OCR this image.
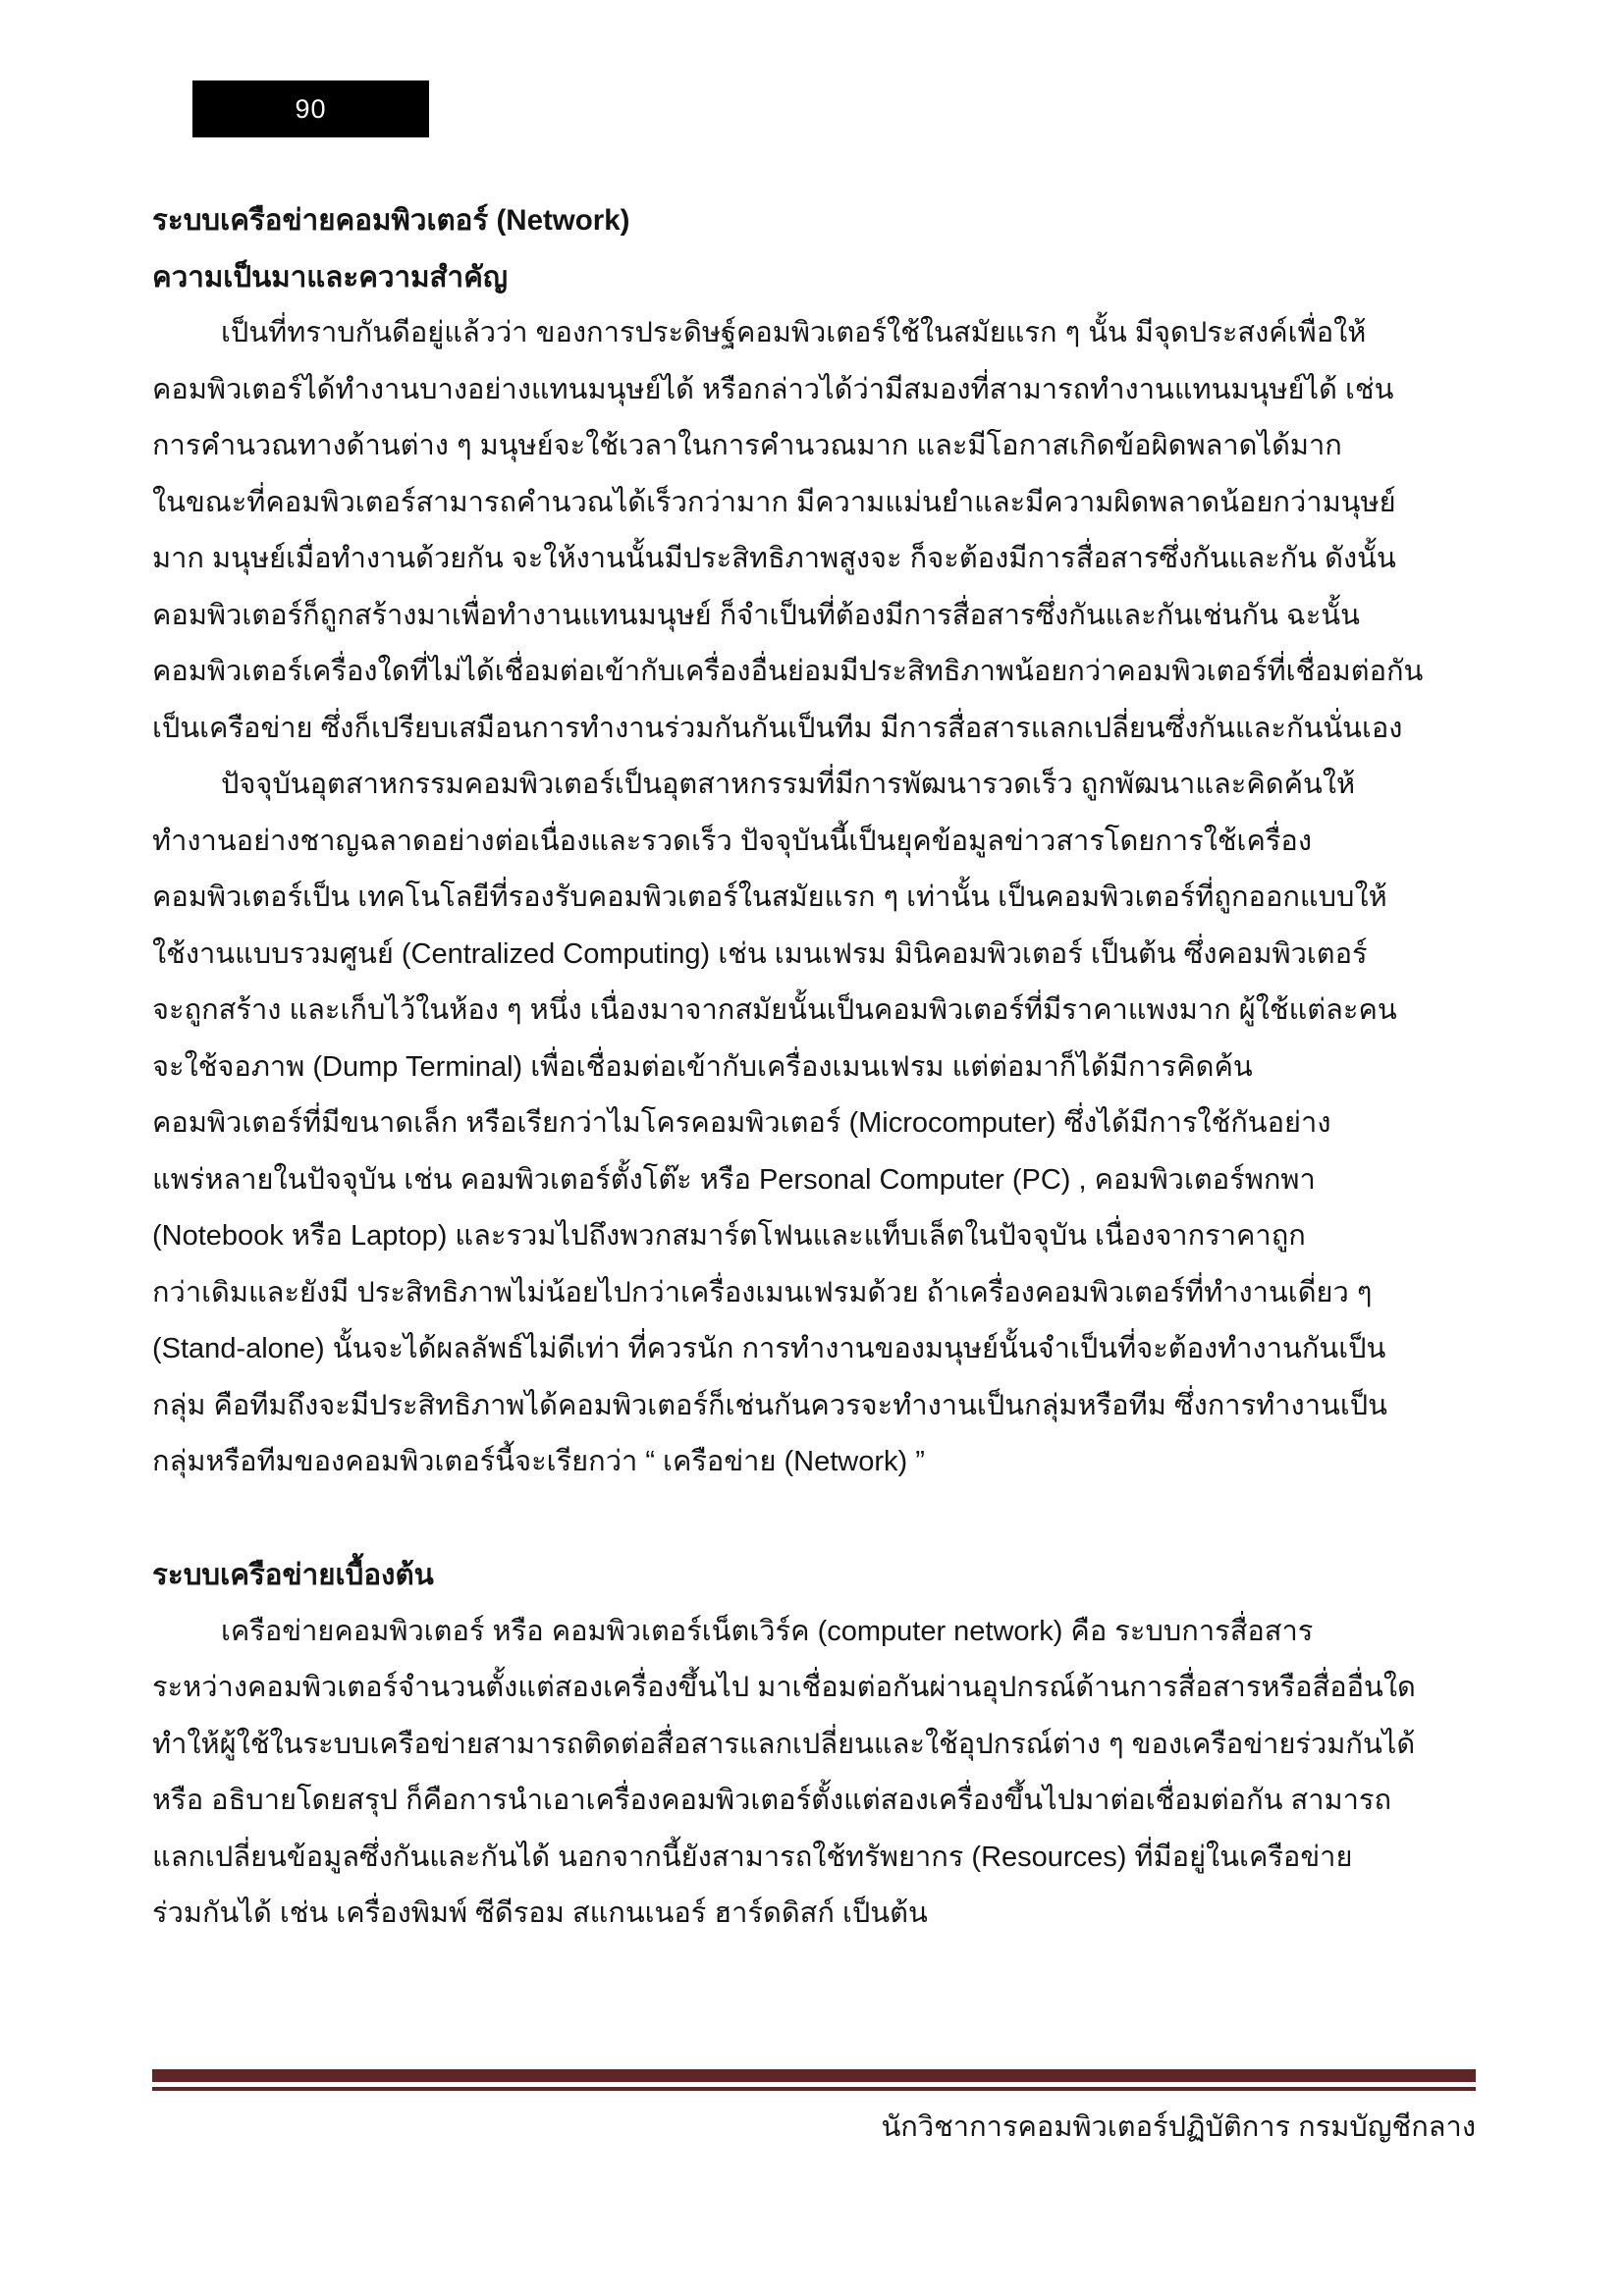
90
ระบบเครือข่ายคอมพิวเตอร์ (Network)
ความเป็นมาและความสำคัญ
เป็นที่ทราบกันดีอยู่แล้วว่า ของการประดิษฐ์คอมพิวเตอร์ใช้ในสมัยแรก ๆ นั้น มีจุดประสงค์เพื่อให้
คอมพิวเตอร์ได้ทำงานบางอย่างแทนมนุษย์ได้ หรือกล่าวได้ว่ามีสมองที่สามารถทำงานแทนมนุษย์ได้ เช่น
การคำนวณทางด้านต่าง ๆ มนุษย์จะใช้เวลาในการคำนวณมาก และมีโอกาสเกิดข้อผิดพลาดได้มาก
ในขณะที่คอมพิวเตอร์สามารถคำนวณได้เร็วกว่ามาก มีความแม่นยำและมีความผิดพลาดน้อยกว่ามนุษย์
มาก มนุษย์เมื่อทำงานด้วยกัน จะให้งานนั้นมีประสิทธิภาพสูงจะ ก็จะต้องมีการสื่อสารซึ่งกันและกัน ดังนั้น
คอมพิวเตอร์ก็ถูกสร้างมาเพื่อทำงานแทนมนุษย์ ก็จำเป็นที่ต้องมีการสื่อสารซึ่งกันและกันเช่นกัน ฉะนั้น
คอมพิวเตอร์เครื่องใดที่ไม่ได้เชื่อมต่อเข้ากับเครื่องอื่นย่อมมีประสิทธิภาพน้อยกว่าคอมพิวเตอร์ที่เชื่อมต่อกัน
เป็นเครือข่าย ซึ่งก็เปรียบเสมือนการทำงานร่วมกันกันเป็นทีม มีการสื่อสารแลกเปลี่ยนซึ่งกันและกันนั่นเอง
ปัจจุบันอุตสาหกรรมคอมพิวเตอร์เป็นอุตสาหกรรมที่มีการพัฒนารวดเร็ว ถูกพัฒนาและคิดค้นให้
ทำงานอย่างชาญฉลาดอย่างต่อเนื่องและรวดเร็ว ปัจจุบันนี้เป็นยุคข้อมูลข่าวสารโดยการใช้เครื่อง
คอมพิวเตอร์เป็น เทคโนโลยีที่รองรับคอมพิวเตอร์ในสมัยแรก ๆ เท่านั้น เป็นคอมพิวเตอร์ที่ถูกออกแบบให้
ใช้งานแบบรวมศูนย์ (Centralized Computing) เช่น เมนเฟรม มินิคอมพิวเตอร์ เป็นต้น ซึ่งคอมพิวเตอร์
จะถูกสร้าง และเก็บไว้ในห้อง ๆ หนึ่ง เนื่องมาจากสมัยนั้นเป็นคอมพิวเตอร์ที่มีราคาแพงมาก ผู้ใช้แต่ละคน
จะใช้จอภาพ (Dump Terminal) เพื่อเชื่อมต่อเข้ากับเครื่องเมนเฟรม แต่ต่อมาก็ได้มีการคิดค้น
คอมพิวเตอร์ที่มีขนาดเล็ก หรือเรียกว่าไมโครคอมพิวเตอร์ (Microcomputer) ซึ่งได้มีการใช้กันอย่าง
แพร่หลายในปัจจุบัน เช่น คอมพิวเตอร์ตั้งโต๊ะ หรือ Personal Computer (PC) , คอมพิวเตอร์พกพา
(Notebook หรือ Laptop) และรวมไปถึงพวกสมาร์ตโฟนและแท็บเล็ตในปัจจุบัน เนื่องจากราคาถูก
กว่าเดิมและยังมี ประสิทธิภาพไม่น้อยไปกว่าเครื่องเมนเฟรมด้วย ถ้าเครื่องคอมพิวเตอร์ที่ทำงานเดี่ยว ๆ
(Stand-alone) นั้นจะได้ผลลัพธ์ไม่ดีเท่า ที่ควรนัก การทำงานของมนุษย์นั้นจำเป็นที่จะต้องทำงานกันเป็น
กลุ่ม คือทีมถึงจะมีประสิทธิภาพได้คอมพิวเตอร์ก็เช่นกันควรจะทำงานเป็นกลุ่มหรือทีม ซึ่งการทำงานเป็น
กลุ่มหรือทีมของคอมพิวเตอร์นี้จะเรียกว่า “ เครือข่าย (Network) ”
ระบบเครือข่ายเบื้องต้น
เครือข่ายคอมพิวเตอร์ หรือ คอมพิวเตอร์เน็ตเวิร์ค (computer network) คือ ระบบการสื่อสาร
ระหว่างคอมพิวเตอร์จำนวนตั้งแต่สองเครื่องขึ้นไป มาเชื่อมต่อกันผ่านอุปกรณ์ด้านการสื่อสารหรือสื่ออื่นใด
ทำให้ผู้ใช้ในระบบเครือข่ายสามารถติดต่อสื่อสารแลกเปลี่ยนและใช้อุปกรณ์ต่าง ๆ ของเครือข่ายร่วมกันได้
หรือ อธิบายโดยสรุป ก็คือการนำเอาเครื่องคอมพิวเตอร์ตั้งแต่สองเครื่องขึ้นไปมาต่อเชื่อมต่อกัน สามารถ
แลกเปลี่ยนข้อมูลซึ่งกันและกันได้ นอกจากนี้ยังสามารถใช้ทรัพยากร (Resources) ที่มีอยู่ในเครือข่าย
ร่วมกันได้ เช่น เครื่องพิมพ์ ซีดีรอม สแกนเนอร์ ฮาร์ดดิสก์ เป็นต้น
นักวิชาการคอมพิวเตอร์ปฏิบัติการ กรมบัญชีกลาง
